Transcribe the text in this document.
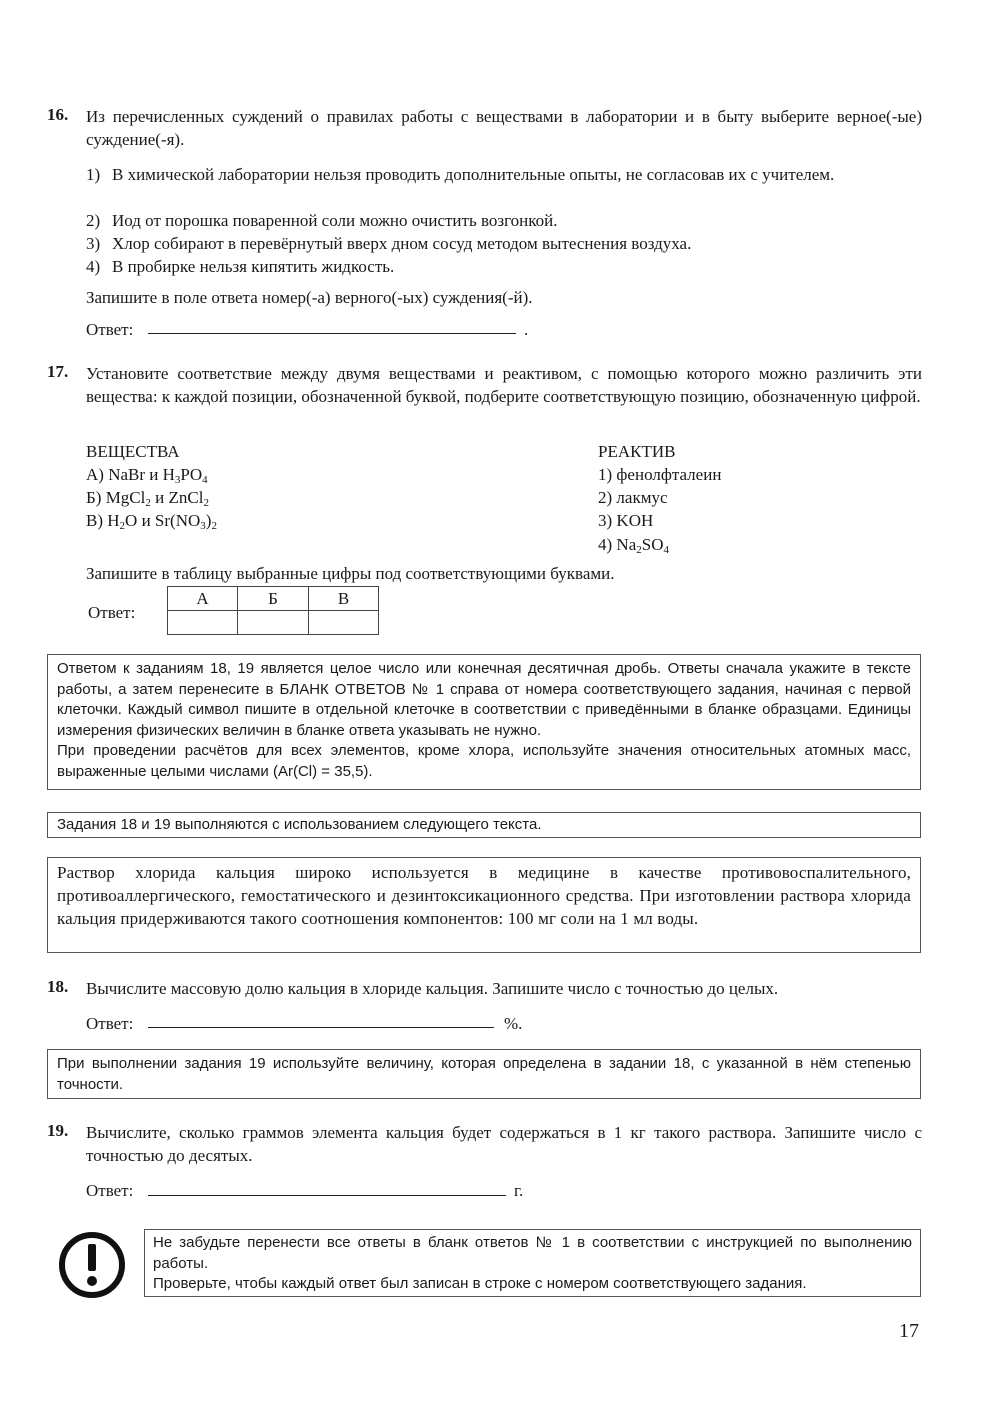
16. Из перечисленных суждений о правилах работы с веществами в лаборатории и в быту выберите верное(-ые) суждение(-я).
1) В химической лаборатории нельзя проводить дополнительные опыты, не согласовав их с учителем.
2) Иод от порошка поваренной соли можно очистить возгонкой.
3) Хлор собирают в перевёрнутый вверх дном сосуд методом вытеснения воздуха.
4) В пробирке нельзя кипятить жидкость.
Запишите в поле ответа номер(-а) верного(-ых) суждения(-й).
Ответ:	.
17. Установите соответствие между двумя веществами и реактивом, с помощью которого можно различить эти вещества: к каждой позиции, обозначенной буквой, подберите соответствующую позицию, обозначенную цифрой.
ВЕЩЕСТВА
А) NaBr и $H_3PO_4$
Б) MgCl$_2$ и ZnCl$_2$
В) $H_2O$ и $Sr(NO_3)_2$
РЕАКТИВ
1) фенолфталеин
2) лакмус
3) KOH
4) $Na_2SO_4$
Запишите в таблицу выбранные цифры под соответствующими буквами.
Ответ:
А	Б	В
Ответом к заданиям 18, 19 является целое число или конечная десятичная дробь. Ответы сначала укажите в тексте работы, а затем перенесите в БЛАНК ОТВЕТОВ № 1 справа от номера соответствующего задания, начиная с первой клеточки. Каждый символ пишите в отдельной клеточке в соответствии с приведёнными в бланке образцами. Единицы измерения физических величин в бланке ответа указывать не нужно.
При проведении расчётов для всех элементов, кроме хлора, используйте значения относительных атомных масс, выраженные целыми числами (Ar(Cl) = 35,5).
Задания 18 и 19 выполняются с использованием следующего текста.
Раствор хлорида кальция широко используется в медицине в качестве противовоспалительного, противоаллергического, гемостатического и дезинтоксикационного средства. При изготовлении раствора хлорида кальция придерживаются такого соотношения компонентов: 100 мг соли на 1 мл воды.
18. Вычислите массовую долю кальция в хлориде кальция. Запишите число с точностью до целых.
Ответ:	%.
При выполнении задания 19 используйте величину, которая определена в задании 18, с указанной в нём степенью точности.
19. Вычислите, сколько граммов элемента кальция будет содержаться в 1 кг такого раствора. Запишите число с точностью до десятых.
Ответ:	г.
Не забудьте перенести все ответы в бланк ответов № 1 в соответствии с инструкцией по выполнению работы.
Проверьте, чтобы каждый ответ был записан в строке с номером соответствующего задания.
17
